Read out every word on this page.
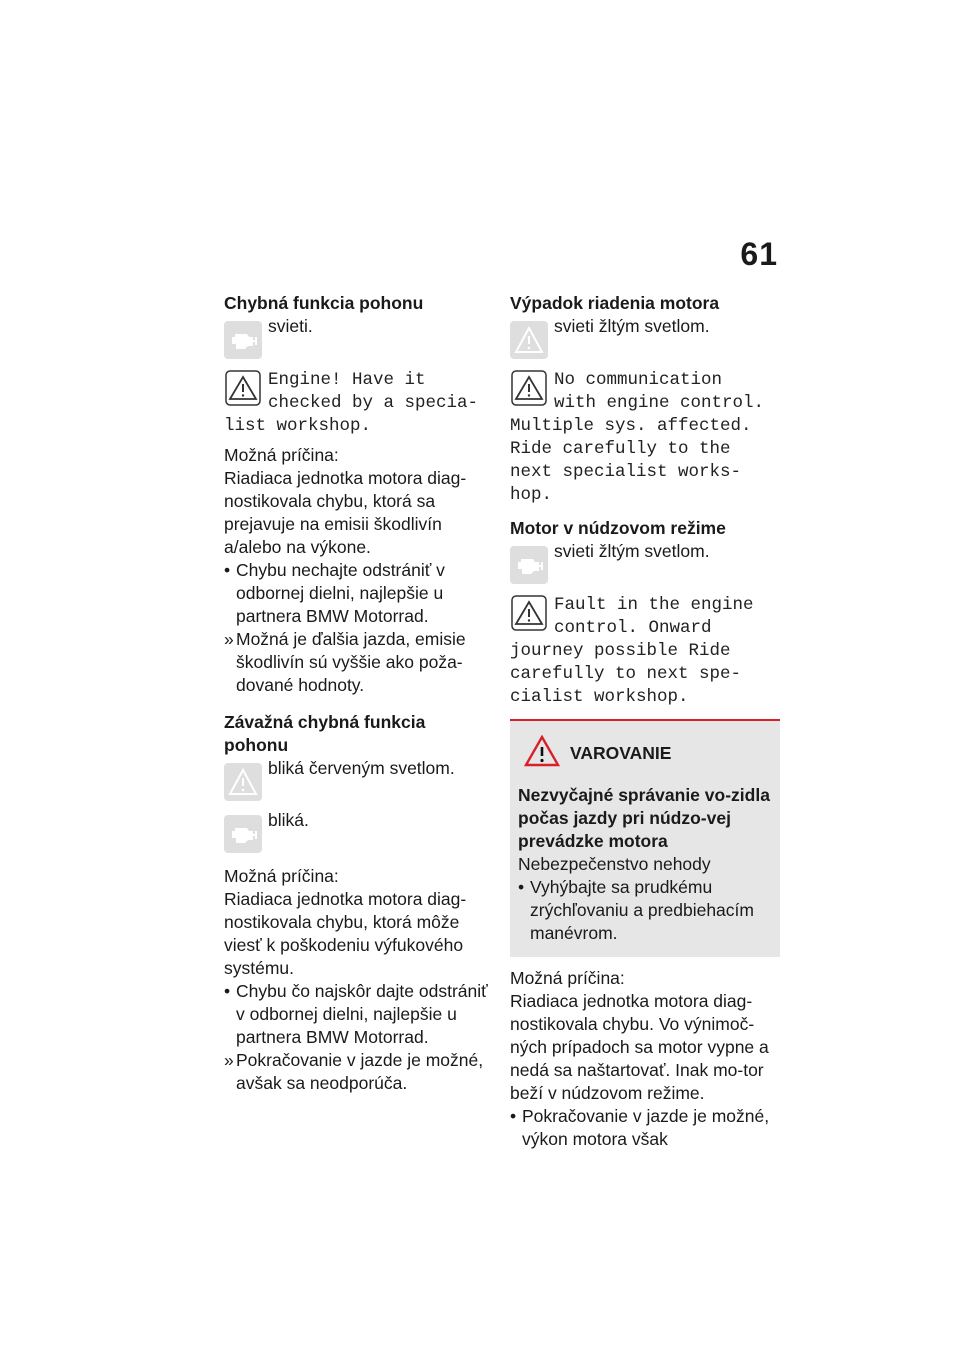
61
Chybná funkcia pohonu
svieti.
Engine! Have it
checked by a specia-
list workshop.

Možná príčina:

Riadiaca jednotka motora diag-nostikovala chybu, ktorá sa prejavuje na emisii škodlivín a/alebo na výkone.

• Chybu nechajte odstrániť v odbornej dielni, najlepšie u partnera BMW Motorrad.
» Možná je ďalšia jazda, emisie škodlivín sú vyššie ako poža-dované hodnoty.
Závažná chybná funkcia pohonu
bliká červeným svetlom.
bliká.

Možná príčina:

Riadiaca jednotka motora diag-nostikovala chybu, ktorá môže viesť k poškodeniu výfukového systému.

• Chybu čo najskôr dajte odstrániť v odbornej dielni, najlepšie u partnera BMW Motorrad.
» Pokračovanie v jazde je možné, avšak sa neodporúča.
Výpadok riadenia motora
svieti žltým svetlom.
No communication
with engine control.
Multiple sys. affected.
Ride carefully to the
next specialist works-
hop.
Motor v núdzovom režime
svieti žltým svetlom.
Fault in the engine
control. Onward
journey possible Ride
carefully to next spe-
cialist workshop.
VAROVANIE
Nezvyčajné správanie vo-zidla počas jazdy pri núdzo-vej prevádzke motora

Nebezpečenstvo nehody

• Vyhýbajte sa prudkému zrýchľovaniu a predbiehacím manévrom.

Možná príčina:

Riadiaca jednotka motora diag-nostikovala chybu. Vo výnimoč-ných prípadoch sa motor vypne a nedá sa naštartovať. Inak mo-tor beží v núdzovom režime.

• Pokračovanie v jazde je možné, výkon motora však
